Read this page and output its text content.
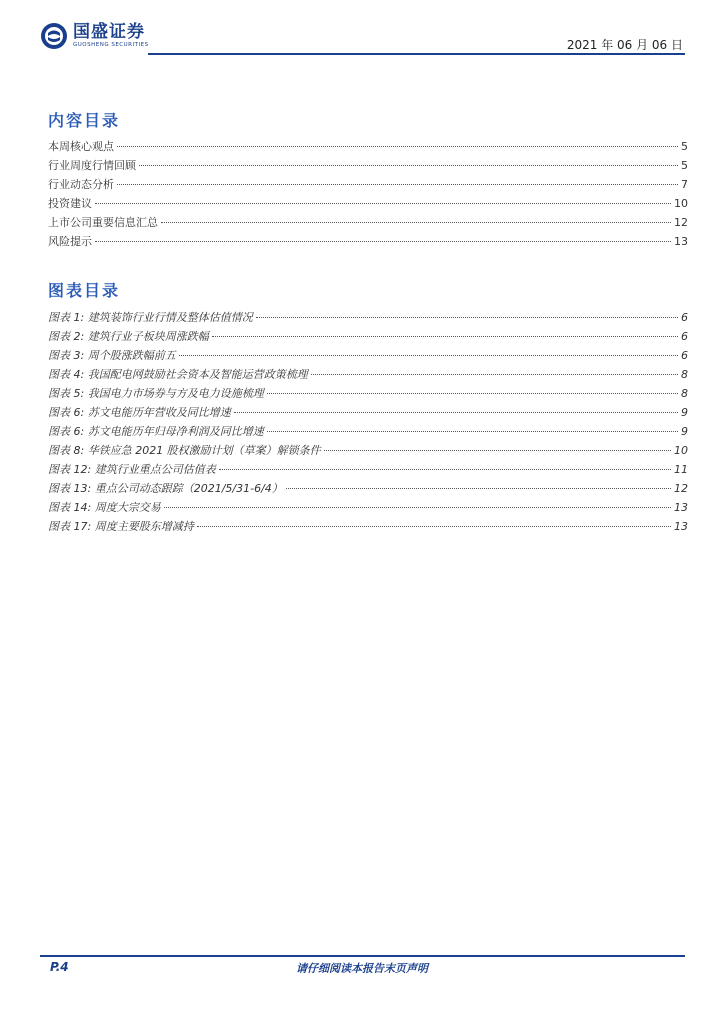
国盛证券
GUOSHENG SECURITIES	2021 年 06 月 06 日
内容目录
本周核心观点	5
行业周度行情回顾	5
行业动态分析	7
投资建议	10
上市公司重要信息汇总	12
风险提示	13
图表目录
图表 1: 建筑装饰行业行情及整体估值情况	6
图表 2: 建筑行业子板块周涨跌幅	6
图表 3: 周个股涨跌幅前五	6
图表 4: 我国配电网鼓励社会资本及智能运营政策梳理	8
图表 5: 我国电力市场券与方及电力设施梳理	8
图表 6: 苏文电能历年营收及同比增速	9
图表 6: 苏文电能历年归母净利润及同比增速	9
图表 8: 华铁应急 2021 股权激励计划（草案）解锁条件	10
图表 12: 建筑行业重点公司估值表	11
图表 13: 重点公司动态跟踪（2021/5/31-6/4）	12
图表 14: 周度大宗交易	13
图表 17: 周度主要股东增减持	13
请仔细阅读本报告末页声明
P.4
